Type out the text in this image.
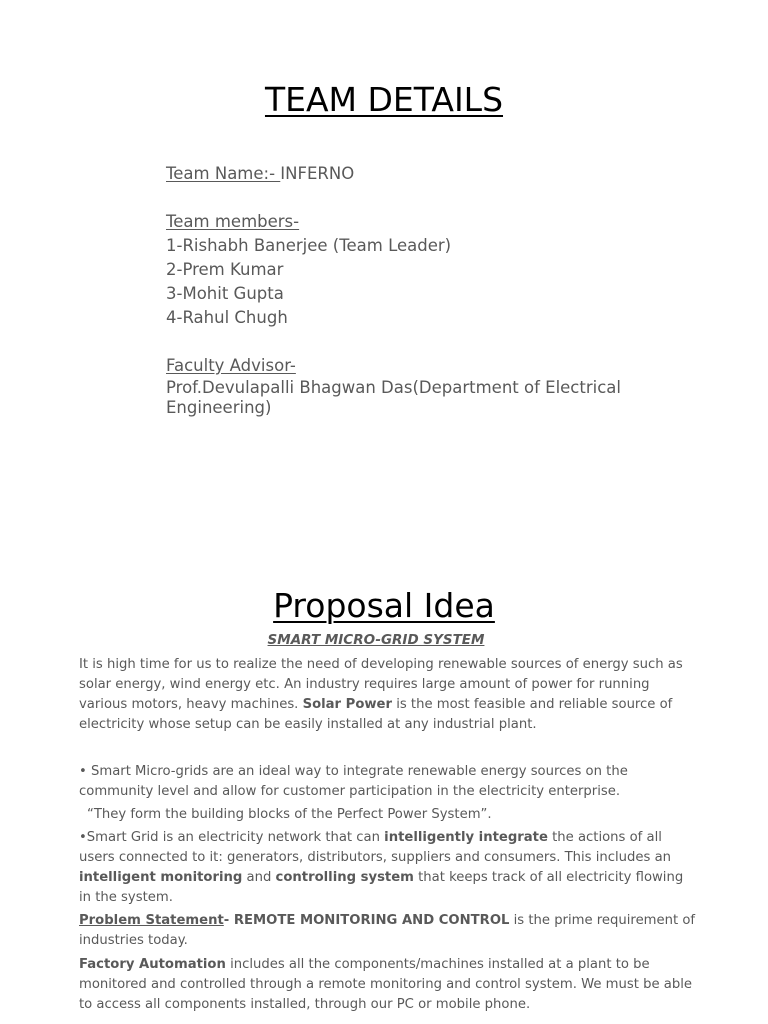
TEAM DETAILS
Team Name:- INFERNO
Team members-
1-Rishabh Banerjee (Team Leader)
2-Prem Kumar
3-Mohit Gupta
4-Rahul Chugh
Faculty Advisor-
Prof.Devulapalli Bhagwan Das(Department of Electrical
Engineering)
Proposal Idea
SMART MICRO-GRID SYSTEM
It is high time for us to realize the need of developing renewable sources of energy such as solar energy, wind energy etc. An industry requires large amount of power for running various motors, heavy machines. Solar Power is the most feasible and reliable source of electricity whose setup can be easily installed at any industrial plant.
• Smart Micro-grids are an ideal way to integrate renewable energy sources on the community level and allow for customer participation in the electricity enterprise.
“They form the building blocks of the Perfect Power System”.
•Smart Grid is an electricity network that can intelligently integrate the actions of all users connected to it: generators, distributors, suppliers and consumers. This includes an intelligent monitoring and controlling system that keeps track of all electricity flowing in the system.
Problem Statement- REMOTE MONITORING AND CONTROL is the prime requirement of industries today.
Factory Automation includes all the components/machines installed at a plant to be monitored and controlled through a remote monitoring and control system. We must be able to access all components installed, through our PC or mobile phone.
